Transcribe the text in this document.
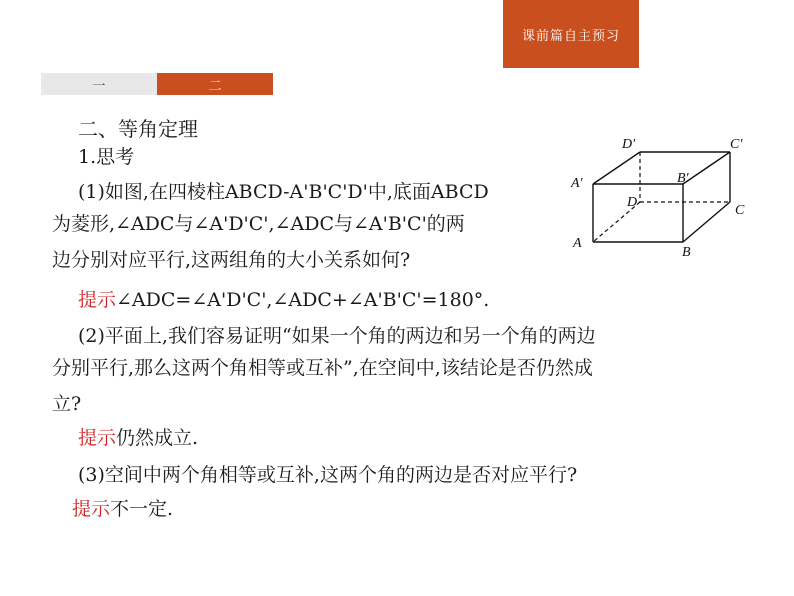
课前篇自主预习
一	二
二、等角定理
1.思考
(1)如图,在四棱柱ABCD-A'B'C'D'中,底面ABCD
为菱形,∠ADC与∠A'D'C',∠ADC与∠A'B'C'的两
边分别对应平行,这两组角的大小关系如何?
提示∠ADC=∠A'D'C',∠ADC+∠A'B'C'=180°.
(2)平面上,我们容易证明“如果一个角的两边和另一个角的两边
分别平行,那么这两个角相等或互补”,在空间中,该结论是否仍然成
立?
提示仍然成立.
(3)空间中两个角相等或互补,这两个角的两边是否对应平行?
提示不一定.
D′	C′
A′	B′
D
C
A
B
